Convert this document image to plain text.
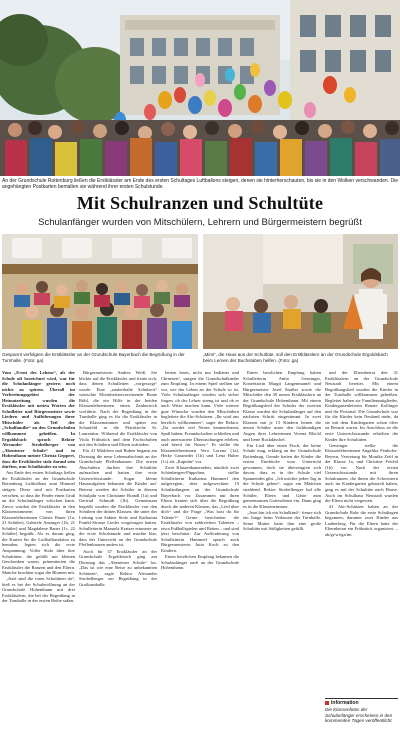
An der Grundschule Rottenburg ließen die Erstklässler am Ende des ersten Schultages Luftballons steigen, denen sie hinterherschauten, bis sie in den Wolken verschwanden. Die angehängten Postkarten bemalten sie während ihrer ersten Schulstunde.
Mit Schulranzen und Schultüte
Schulanfänger wurden von Mitschülern, Lehrern und Bürgermeistern begrüßt
Gespannt verfolgten die Erstklässler an der Grundschule Bayerbach die Begrüßung in der Turnhalle. (Foto: ga)
„Mimi“, die Haus aus der Schultüte, soll den Erstklässlern an der Grundschule Ergoldsbach beim Lernen der Buchstaben helfen. (Foto: ga)

Vom „Ernst des Lebens“, als der Schule oft bezeichnet wird, war für die Schulanfänger gestern noch nichts zu spüren. Überall im Verbreitungsgebiet der Heimatzeitung wurden die Erstklässler mit netten Worten der Schulleiter und Bürgermeister sowie Liedern und Aufführungen ihrer Mitschüler als Teil der „Schulfamilie“ an den Grundschulen willkommen geheißen. In Ergoldsbach sprach Rektor Alexander Strobelberger von „Abenteuer Schule“ und in Hohenthann meinte Christa Geppert, dass die Erstklässler stolz darauf sein dürften, nun Schulkinder zu sein.

Am Ende des ersten Schultags ließen die Erstklässler an der Grundschule Rottenburg Luftballons zum Himmel steigen. Diese sind mit Postkarten versehen, so dass die Finder einen Gruß an die Schulanfänger schicken kann. Zuvor wurden die Erstklässler in den Klassenzimmern von ihren Klassenlehrerinnen Christa Bauer (1a, 21 Schüler), Gabriele Anzinger (1b, 21 Schüler) und Magdalene Bauer (1c, 22 Schüler) begrüßt. Als es darum ging, die Karten für die Luftballonaktion zu bemalen, legten sich die erste Anspannung: Voller Stolz über ihre Schultüten, die gefüllt mit kleinen Geschenken waren, präsentierten die Erstklässler die Ranzen und den Eltern. Manche brachten sogar die Blumen mit.

„Jetzt sind die roten Schultüten da“, hieß es bei der Schuleröffnung an der Grundschule Hohenthann mit drei Erstklässlern, die bei der Begrüßung in der Turnhalle in der ersten Reihe saßen.

Bürgermeisterin Andrea Weiß: Sie blickte auf die Erstklässler und freute sich, dass denen Schulleiten „vorgesorgt“ wurde. Eine „zauberhafte Schulzeit“ wünschte Elternbeiratsvorsitzende Beate Röhl, die ein Hilfe in der beiden Klassenlehrerinnen einen Zaubertrick vorführte. Nach der Begrüßung in der Turnhalle ging es für die Erstklässler in die Klassenzimmer und später zur Schaufeld in die Pfarrkirche St. Laurentius. Während die Erstklässler von Viola Frühstück und dem Fachschaften mit den Schülern und Eltern zufrieden.

Für 41 Mädchen und Buben begann am Dienstag die neue Lebensabschnitt an der Grundschule Pfeffenhausen. Die ersten Abschülern durften ihre Schultüte aufmachen und hatten ihre erste Unterrichtsstunde: Sogar kleine Hausaufgaben bekamen die Kinder auf. Betreut werden die Schüler in diesem Schuljahr von Christiane Brandl (1a) und Gertrud Schmidt (1b). Gemeinsam begrüßt wurden die Erstklässler von den Schülern der dritten Klassen, die unter der Leitung von Sabine Stolz und Katharina Frankl-Strasse Lieder vorgetragen hatten. Schulleiterin Manuela Kratzer erinnerte an die erste Schulstunde und machte klar, dass der Unterricht an der Grundschule Pfeffenhausen anders ist.

Auch für 37 Erstklässler an der Grundschule Ergoldsbach ging am Dienstag das „Abenteuer Schule“ los. „Das ist wie eine Reise zu unbekannten Schätzen“, sagte Rektor Alexander Strobelberger zur Begrüßung in der Großturnhalle.

lernen lesen, nicht nur Indianer und Chinesen“, sangen die Grundschulkinder zum Empfang. In einem Spiel stellten sie vor, wie das Leben an der Schule so ist. Viele Schulanfänger würden sich sicher fragen, ob der Lehrer streng ist und ob er auch Witze machen kann. Viele weitere gute Wünsche wurden den Mitschülern begleitete die Abc-Schützen. „Ihr wird uns herzlich willkommen“, sagte der Rektor. „Ihr werdet viel Neues kennenlernen, Spaß haben, Freundschaften schließen und auch unerwartete Überraschungen erleben, seid bereit für Neues.“ Er stellte die Klassenlehrerinnen Vera Lorenz (1a), Heike Gassneder (1b) und Lena Huber (1c) als „Kapitän“ vor.

Zwei Klassenkameraden, nämlich zwei Schönbergen-Püppchen, stellte Schulleiterin Katharina Hammerl den aufgeregten, aber aufgeweckten 19 Schulanfängern an der Grundschule Bayerbach vor. Zusammen mit ihren Eltern freuten sich über die Begrüßung durch die anderen Klassen, das „Lied über dich“ und die Frage „Was hast du für Talente?“ Gerne berichteten die Erstklässler von zahlreichen Talenten – etwa Fußballspielen und Reiten – und sind jetzt beschützt. Zur Aufforderung von Schulleiterin Hammerl sprach auch Bürgermeisterin Jutta Koch zu den Kindern.

Einen herzlichen Empfang bekamen die Schulanfänger auch an der Grundschule Hohenthann.

Einen herzlichen Empfang haben Schulleiterin Anita Gensinger, Konrektorin Margit Langenmantel und Bürgermeister Josef Straßer sowie die Mitschüler den 30 neuen Erstklässlern an der Grundschule Hohenthann. Mit einem Begrüßungslied der Schüler der zweiten Klasse wurden die Schulanfänger auf den nächsten Schritt eingestimmt. In zwei Klassen mit je 15 Kindern lernen die neuen Schüler unter den fachkundigen Augen ihrer Lehrerinnen Verena Blöchl und Irene Ruckdäschel.

Ein Lied über einen Fisch, der keine Schule mag, erklang an der Grundschule Rottenburg. Gerade hatten die Kinder die ersten Eindrücke vom Unterricht gewonnen, doch sie überzeugten sich davon, dass es in der Schule viel Spannendes gibt. „Ich möchte jeden Tag in die Schule gehen“, sagte ein Mädchen strahlend. Rektor Strobelberger lud alle Schüler, Eltern und Gäste zum gemeinsamen Gottesdienst ein. Dann ging es in die Klassenzimmer.

„Jetzt bin ich ein Schulkind“, freute sich ein Junge beim Verlassen der Turnhalle. Seine Mutter hatte ihm eine große Schultüte mit Süßigkeiten gefüllt.

und der Elternbeirat den 31 Erstklässlern an der Grundschule Neustadt bereitet. Mit einem Begrüßungslied wurden die Kinder in der Turnhalle willkommen geheißen. Begleitet haben sie Familienmitglieder, Kindergartenleiterin Renate Kollinger und ihr Personal. Die Grundschule war für die Kinder kein Neuland mehr, da sie mit dem Kindergarten schon öfter zu Besuch waren. Im Anschluss an die erste Unterrichtsstunde erhielten die Kinder ihre Schultüten.

Gensinger stellte die Klassenlehrerinnen Angelika Penkofer-Beyern, Vertretung für Monika Zeitl in der Klasse 1a, und Christine Feichtl (1b) vor. Nach der ersten Unterrichtsstunde mit ihren Schulranzen, die ihnen die Schwestern auch im Kindergarten gebastelt haben, ging es mit der Schultüte nach Hause. Auch im Schulhaus Neustadt wurden die Eltern nicht vergessen.

41 Abc-Schützen haben an der Grundschule Rohr die erste Schultagen begonnen, darunter zwei Kinder aus Laaberberg. Für die Eltern hatte der Elternbeirat ein Frühstück organisiert. –ak/gt/wi/ga/tm

Information
Die Klassenfotos der Schulanfänger erscheinen in den kommenden Tagen veröffentlicht.
